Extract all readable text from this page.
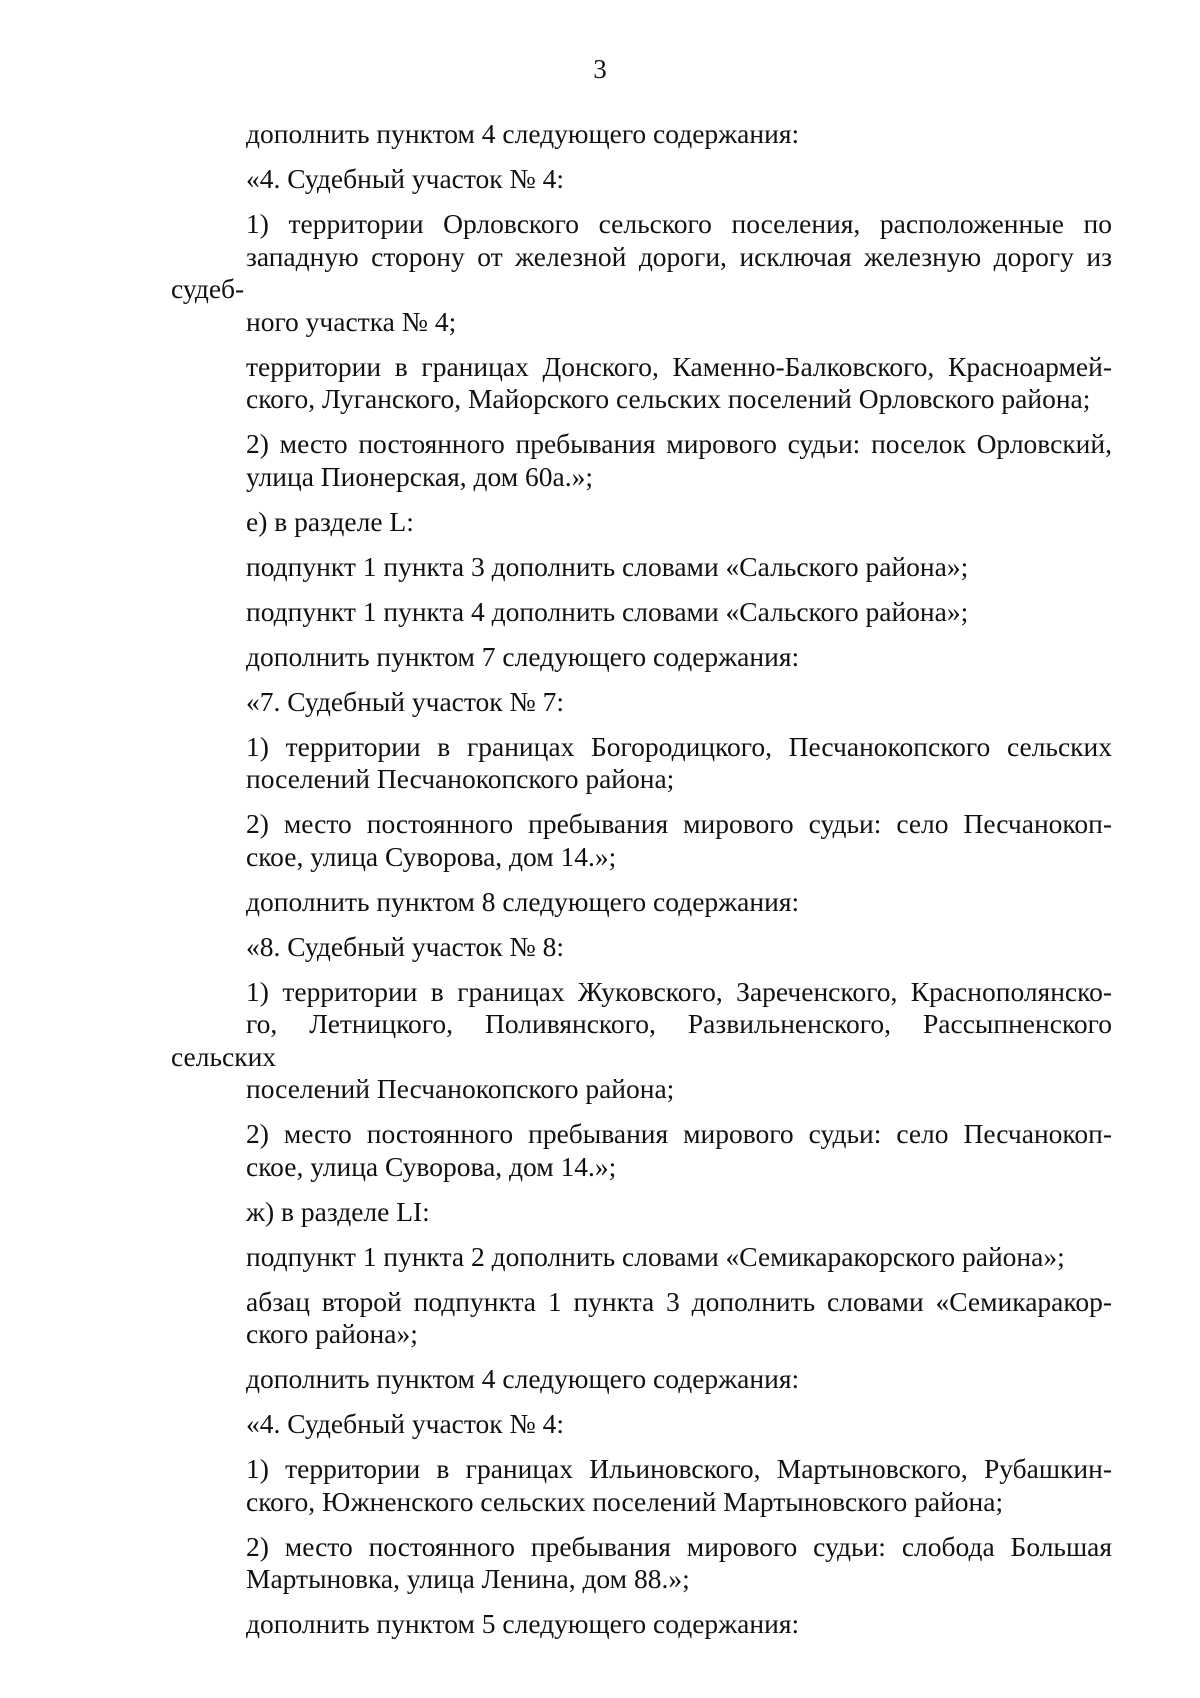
3
дополнить пунктом 4 следующего содержания:
«4. Судебный участок № 4:
1) территории Орловского сельского поселения, расположенные по
западную сторону от железной дороги, исключая железную дорогу из судеб-
ного участка № 4;
территории в границах Донского, Каменно-Балковского, Красноармей-
ского, Луганского, Майорского сельских поселений Орловского района;
2) место постоянного пребывания мирового судьи: поселок Орловский,
улица Пионерская, дом 60а.»;
е) в разделе L:
подпункт 1 пункта 3 дополнить словами «Сальского района»;
подпункт 1 пункта 4 дополнить словами «Сальского района»;
дополнить пунктом 7 следующего содержания:
«7. Судебный участок № 7:
1) территории в границах Богородицкого, Песчанокопского сельских
поселений Песчанокопского района;
2) место постоянного пребывания мирового судьи: село Песчанокоп-
ское, улица Суворова, дом 14.»;
дополнить пунктом 8 следующего содержания:
«8. Судебный участок № 8:
1) территории в границах Жуковского, Зареченского, Краснополянско-
го, Летницкого, Поливянского, Развильненского, Рассыпненского сельских
поселений Песчанокопского района;
2) место постоянного пребывания мирового судьи: село Песчанокоп-
ское, улица Суворова, дом 14.»;
ж) в разделе LI:
подпункт 1 пункта 2 дополнить словами «Семикаракорского района»;
абзац второй подпункта 1 пункта 3 дополнить словами «Семикаракор-
ского района»;
дополнить пунктом 4 следующего содержания:
«4. Судебный участок № 4:
1) территории в границах Ильиновского, Мартыновского, Рубашкин-
ского, Южненского сельских поселений Мартыновского района;
2) место постоянного пребывания мирового судьи: слобода Большая
Мартыновка, улица Ленина, дом 88.»;
дополнить пунктом 5 следующего содержания:
